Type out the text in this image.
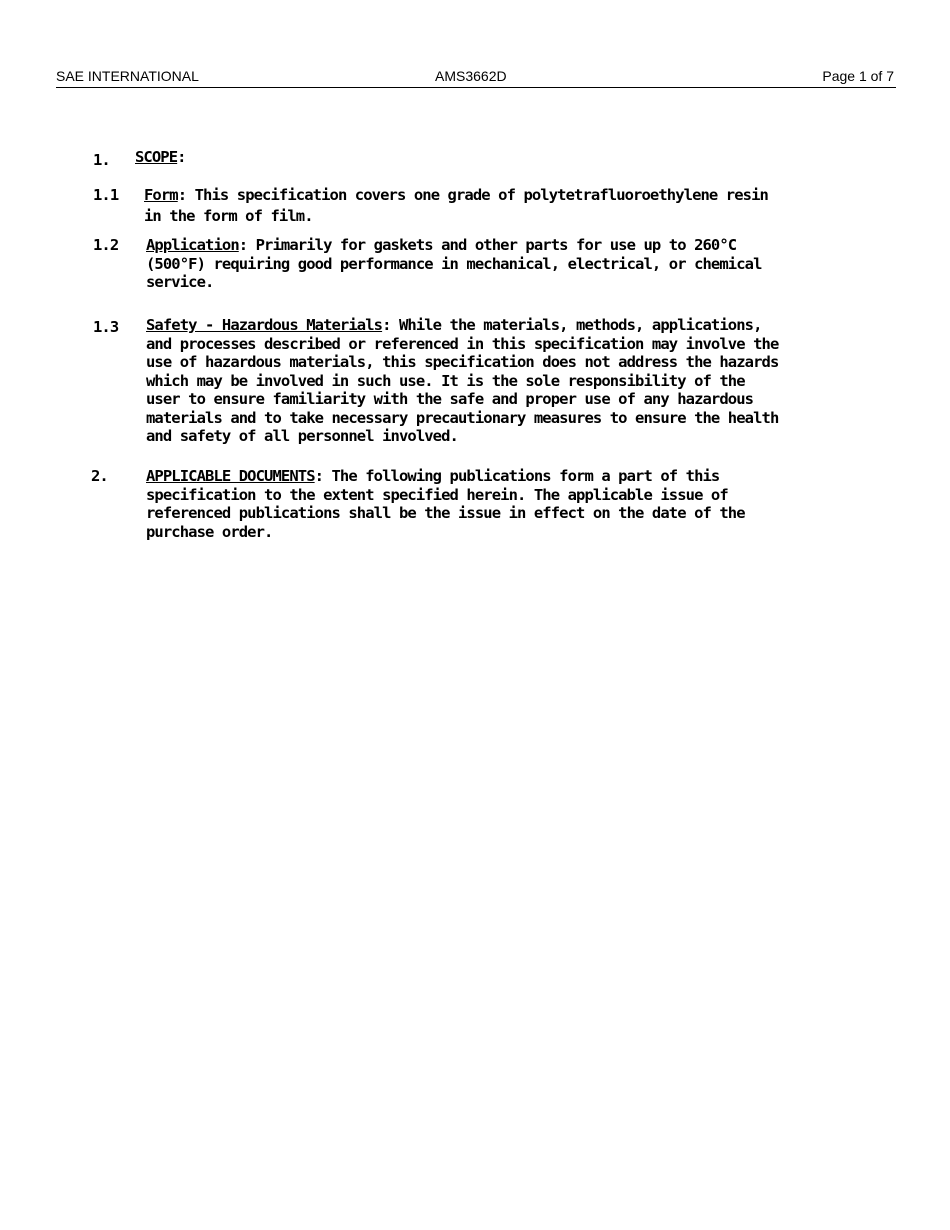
SAE INTERNATIONAL	AMS3662D	Page 1 of 7
1. SCOPE:
1.1 Form: This specification covers one grade of polytetrafluoroethylene resin
in the form of film.
1.2 Application: Primarily for gaskets and other parts for use up to 260°C
(500°F) requiring good performance in mechanical, electrical, or chemical
service.
1.3 Safety - Hazardous Materials: While the materials, methods, applications,
and processes described or referenced in this specification may involve the
use of hazardous materials, this specification does not address the hazards
which may be involved in such use. It is the sole responsibility of the
user to ensure familiarity with the safe and proper use of any hazardous
materials and to take necessary precautionary measures to ensure the health
and safety of all personnel involved.
2. APPLICABLE DOCUMENTS: The following publications form a part of this
specification to the extent specified herein. The applicable issue of
referenced publications shall be the issue in effect on the date of the
purchase order.
